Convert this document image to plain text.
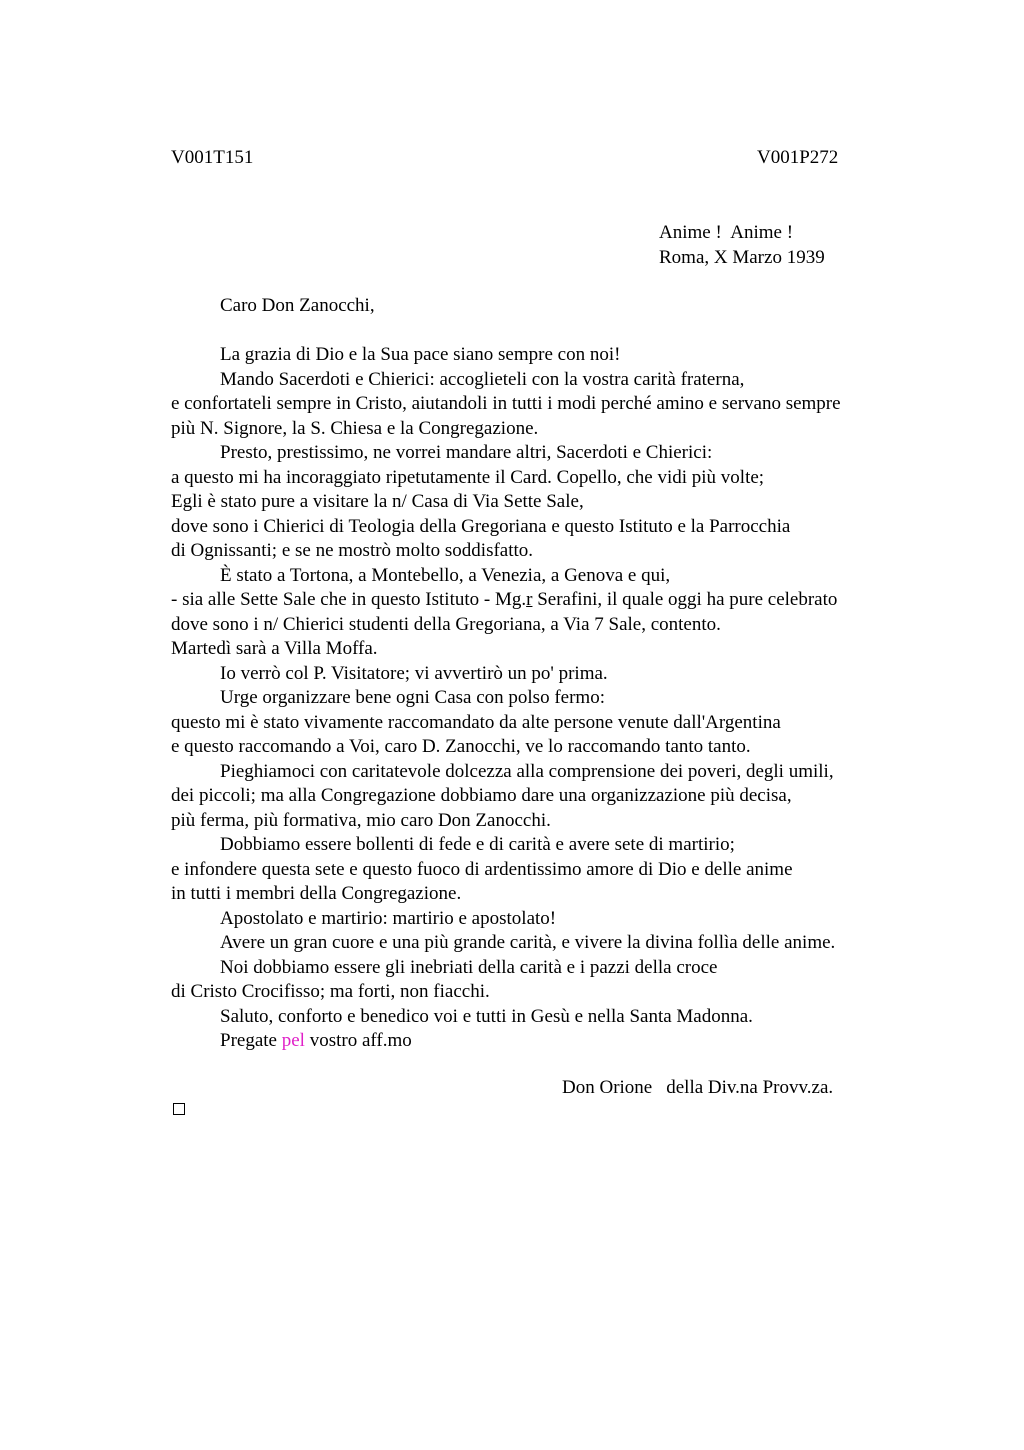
V001T151	V001P272
Anime !  Anime !
Roma, X Marzo 1939
Caro Don Zanocchi,
La grazia di Dio e la Sua pace siano sempre con noi!
Mando Sacerdoti e Chierici: accoglieteli con la vostra carità fraterna,
e confortateli sempre in Cristo, aiutandoli in tutti i modi perché amino e servano sempre
più N. Signore, la S. Chiesa e la Congregazione.
Presto, prestissimo, ne vorrei mandare altri, Sacerdoti e Chierici:
a questo mi ha incoraggiato ripetutamente il Card. Copello, che vidi più volte;
Egli è stato pure a visitare la n/ Casa di Via Sette Sale,
dove sono i Chierici di Teologia della Gregoriana e questo Istituto e la Parrocchia
di Ognissanti; e se ne mostrò molto soddisfatto.
È stato a Tortona, a Montebello, a Venezia, a Genova e qui,
- sia alle Sette Sale che in questo Istituto - Mg.r Serafini, il quale oggi ha pure celebrato
dove sono i n/ Chierici studenti della Gregoriana, a Via 7 Sale, contento.
Martedì sarà a Villa Moffa.
Io verrò col P. Visitatore; vi avvertirò un po' prima.
Urge organizzare bene ogni Casa con polso fermo:
questo mi è stato vivamente raccomandato da alte persone venute dall'Argentina
e questo raccomando a Voi, caro D. Zanocchi, ve lo raccomando tanto tanto.
Pieghiamoci con caritatevole dolcezza alla comprensione dei poveri, degli umili,
dei piccoli; ma alla Congregazione dobbiamo dare una organizzazione più decisa,
più ferma, più formativa, mio caro Don Zanocchi.
Dobbiamo essere bollenti di fede e di carità e avere sete di martirio;
e infondere questa sete e questo fuoco di ardentissimo amore di Dio e delle anime
in tutti i membri della Congregazione.
Apostolato e martirio: martirio e apostolato!
Avere un gran cuore e una più grande carità, e vivere la divina follìa delle anime.
Noi dobbiamo essere gli inebriati della carità e i pazzi della croce
di Cristo Crocifisso; ma forti, non fiacchi.
Saluto, conforto e benedico voi e tutti in Gesù e nella Santa Madonna.
Pregate pel vostro aff.mo
Don Orione della Div.na Provv.za.
